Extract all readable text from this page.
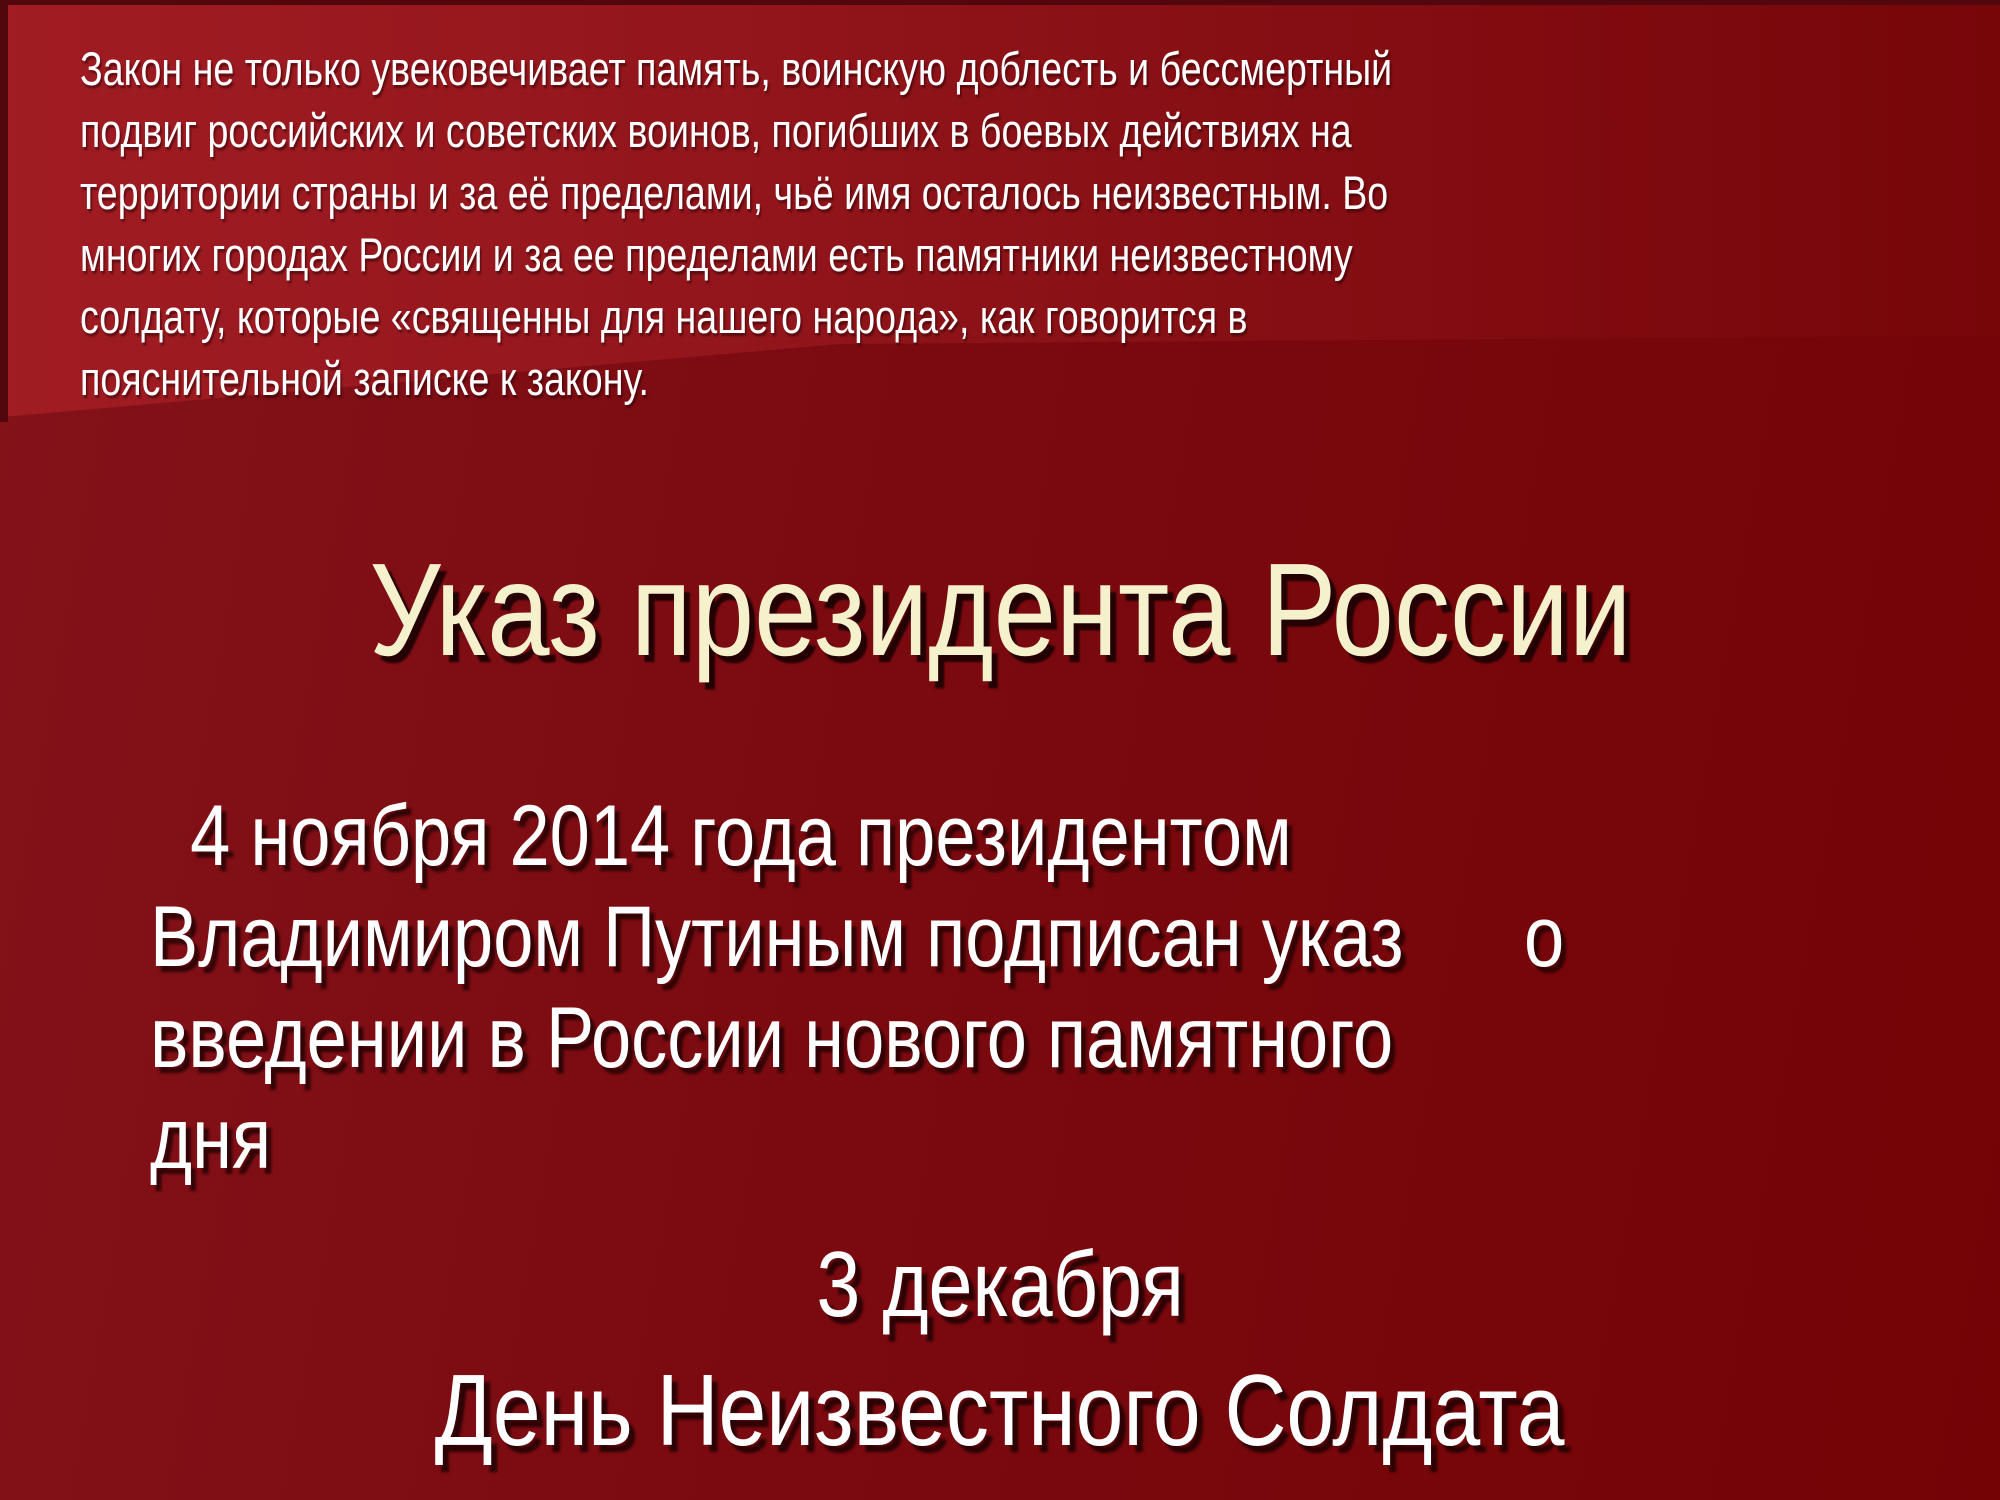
Закон не только увековечивает память, воинскую доблесть и бессмертный
подвиг российских и советских воинов, погибших в боевых действиях на
территории страны и за её пределами, чьё имя осталось неизвестным. Во
многих городах России и за ее пределами есть памятники неизвестному
солдату, которые «священны для нашего народа», как говорится в
пояснительной записке к закону.
Указ президента России
4 ноября 2014 года президентом
Владимиром Путиным подписан указ      о
введении в России нового памятного
дня
3 декабря
День Неизвестного Солдата
